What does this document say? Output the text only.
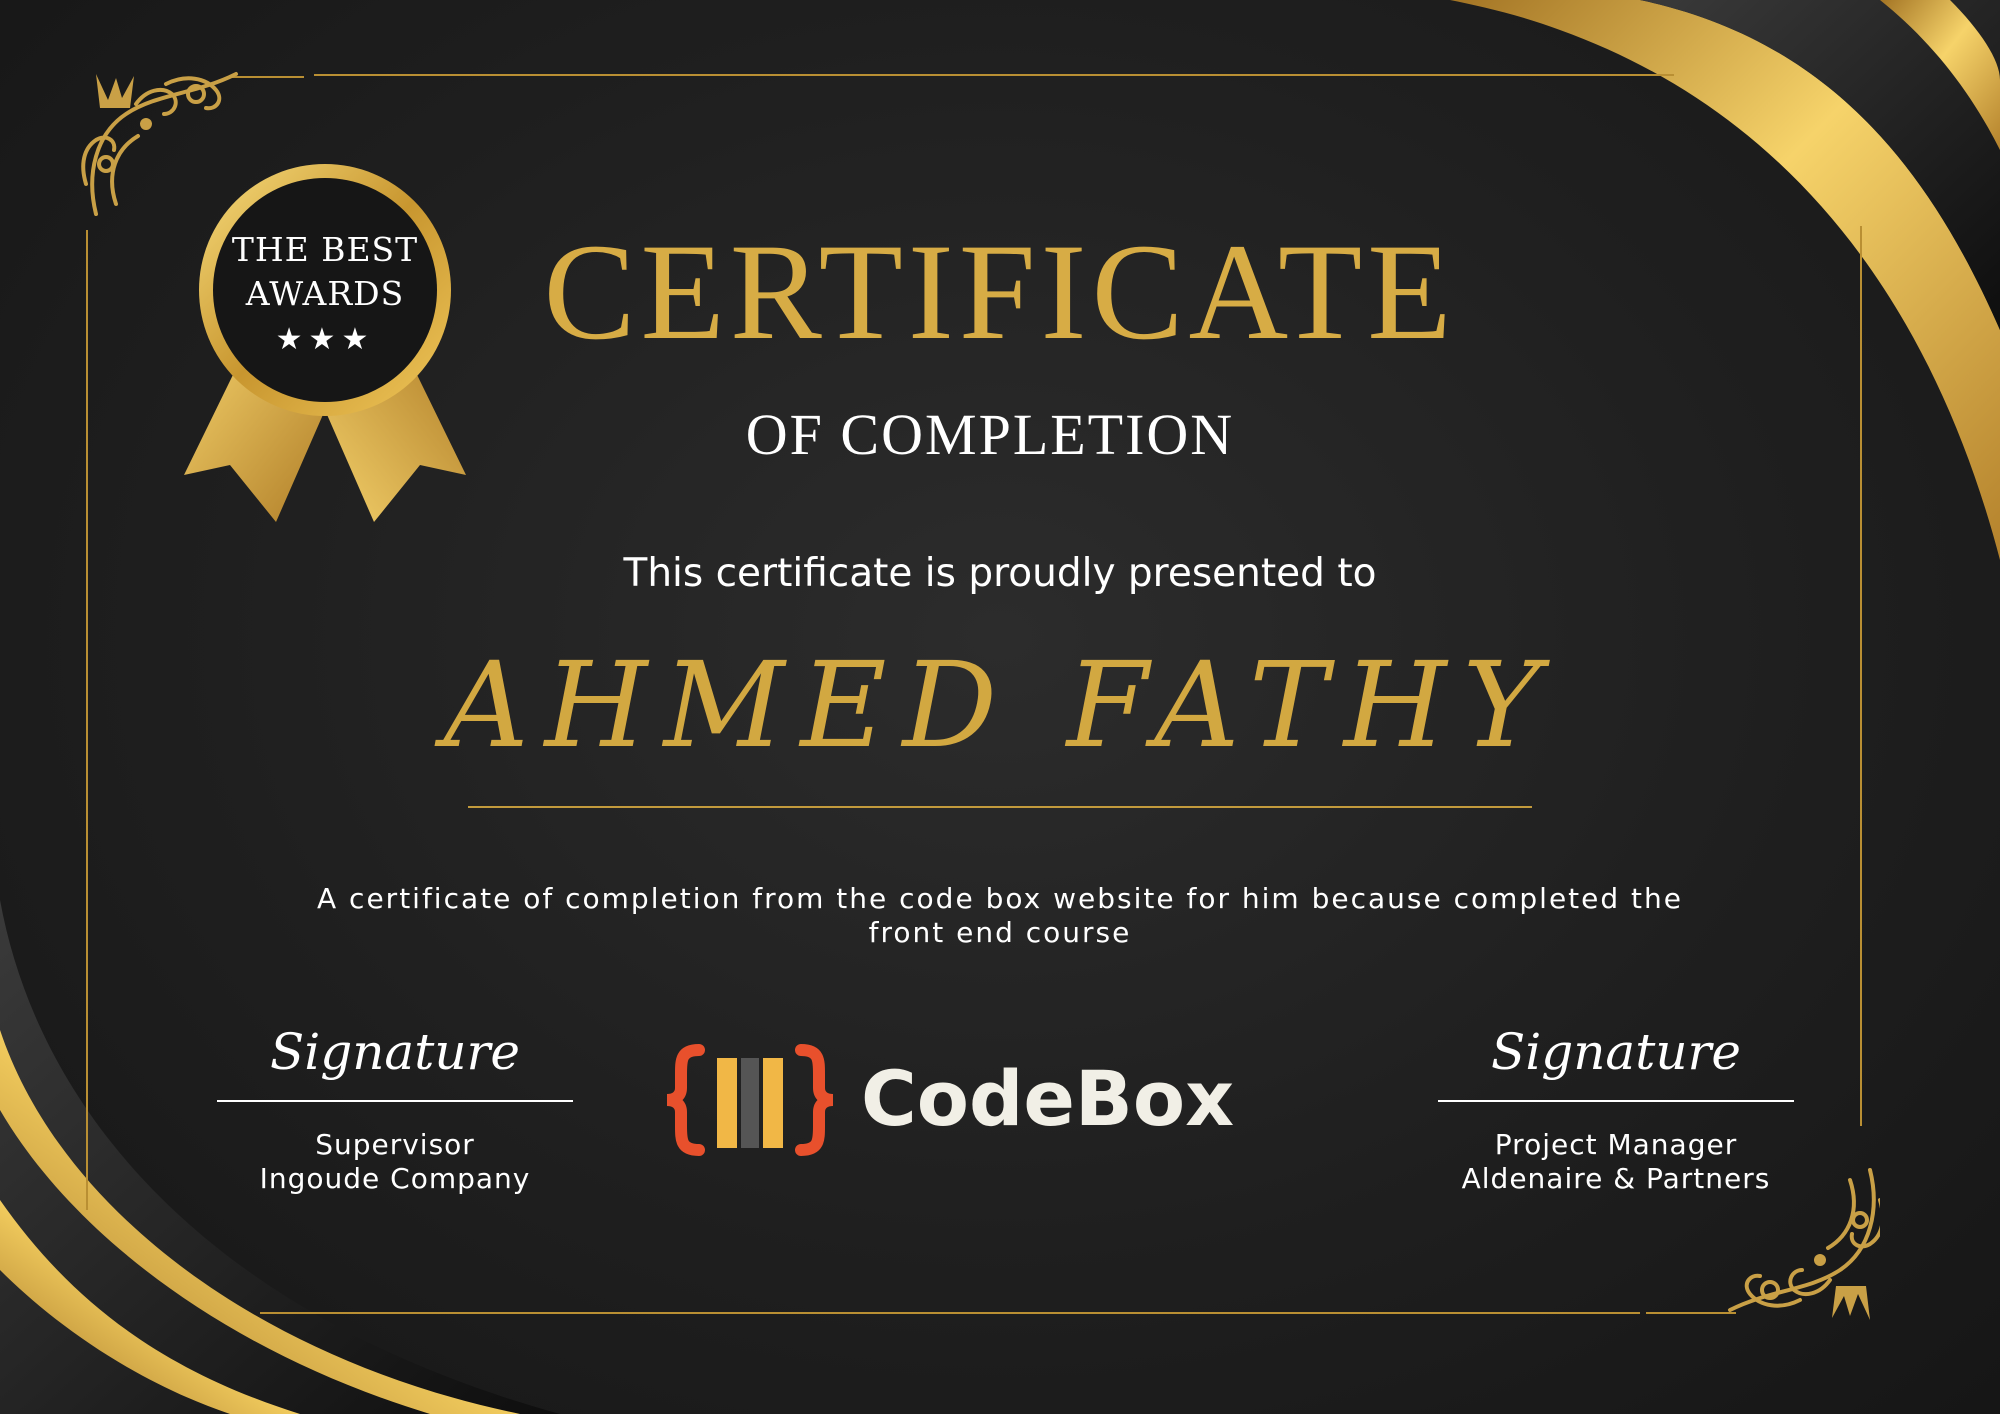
THE BEST
AWARDS
★★★	CERTIFICATE
OF COMPLETION
This certificate is proudly presented to
AHMED FATHY
A certificate of completion from the code box website for him because completed the front end course
Signature
Supervisor
Ingoude Company
Signature
Project Manager
Aldenaire & Partners
CodeBox
